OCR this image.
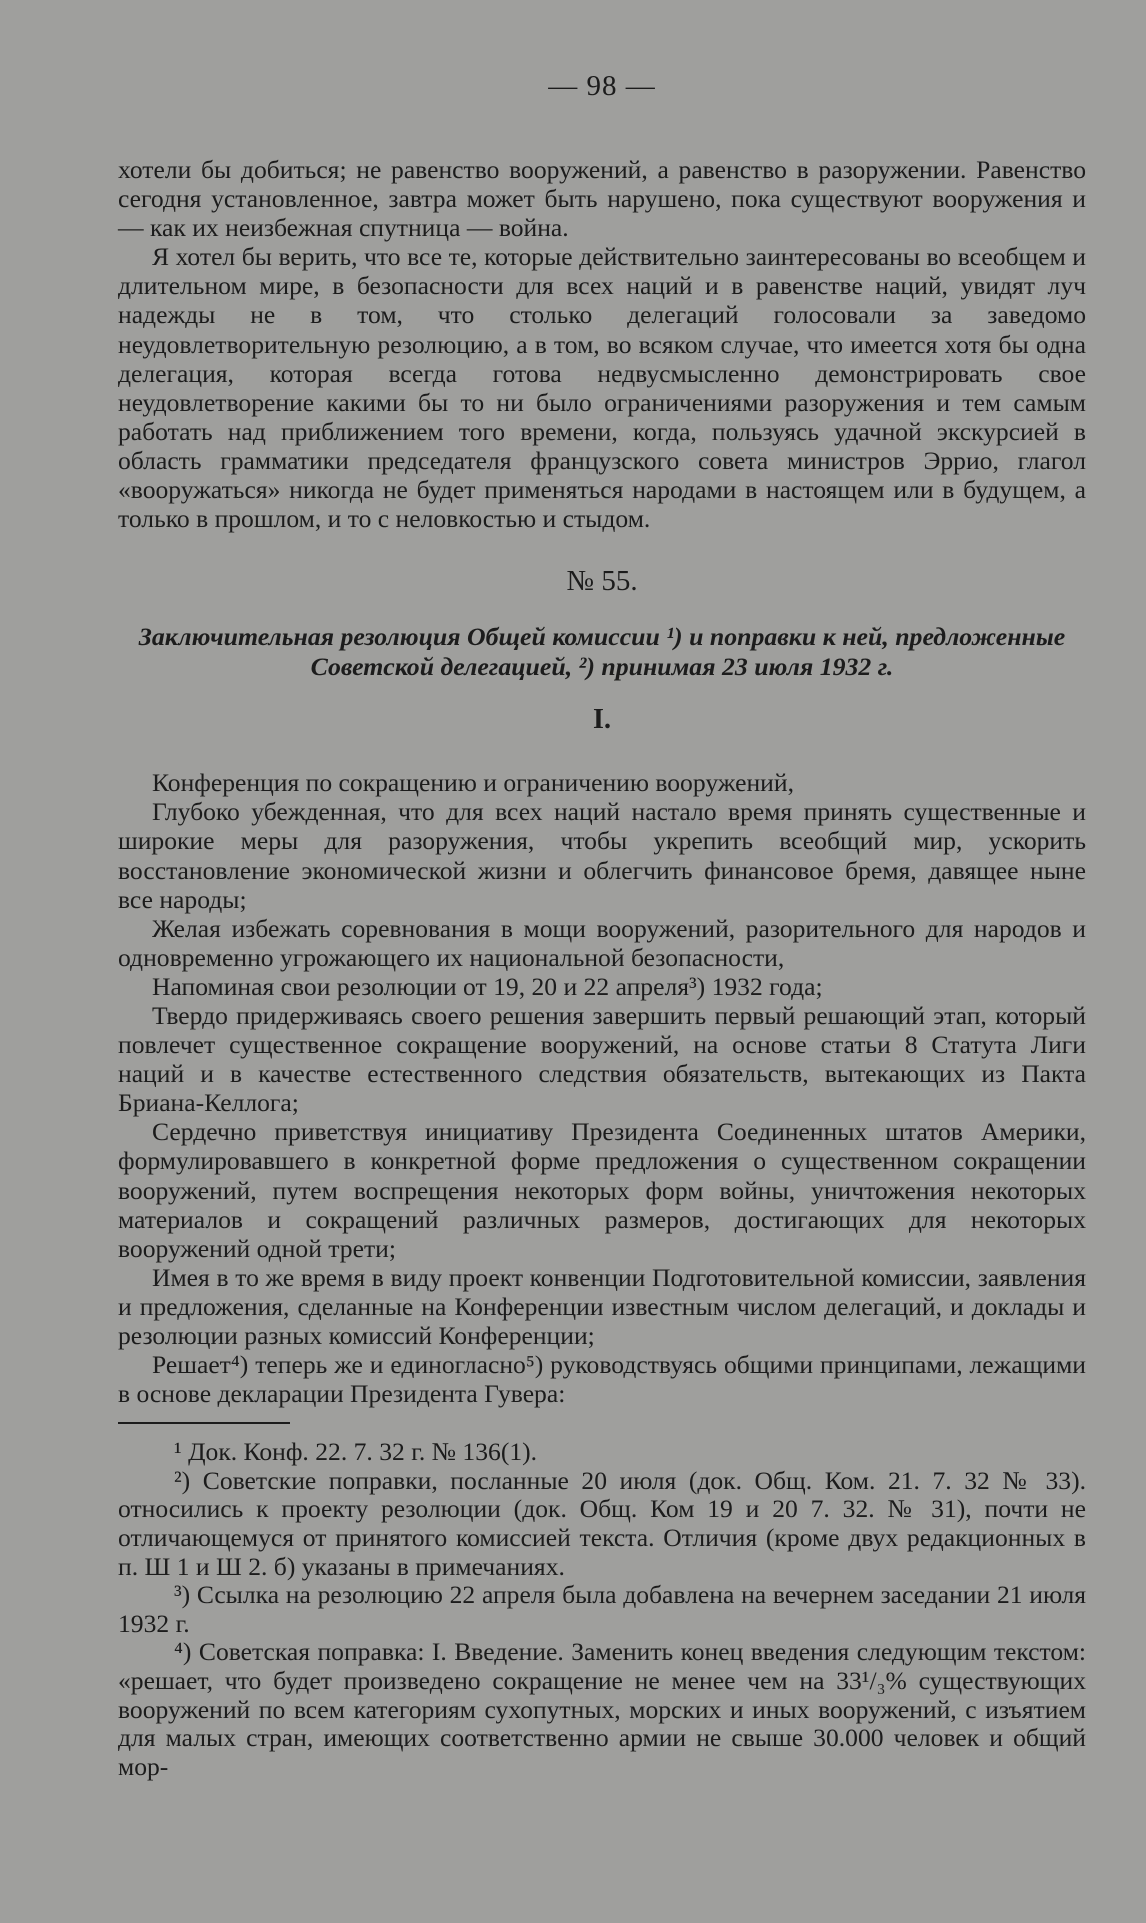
— 98 —

хотели бы добиться; не равенство вооружений, а равенство в разоружении. Равенство сегодня установленное, завтра может быть нарушено, пока существуют вооружения и — как их неизбежная спутница — война.

Я хотел бы верить, что все те, которые действительно заинтересованы во всеобщем и длительном мире, в безопасности для всех наций и в равенстве наций, увидят луч надежды не в том, что столько делегаций голосовали за заведомо неудовлетворительную резолюцию, а в том, во всяком случае, что имеется хотя бы одна делегация, которая всегда готова недвусмысленно демонстрировать свое неудовлетворение какими бы то ни было ограничениями разоружения и тем самым работать над приближением того времени, когда, пользуясь удачной экскурсией в область грамматики председателя французского совета министров Эррио, глагол «вооружаться» никогда не будет применяться народами в настоящем или в будущем, а только в прошлом, и то с неловкостью и стыдом.

№ 55.

Заключительная резолюция Общей комиссии ¹) и поправки к ней, предложенные Советской делегацией, ²) принимая 23 июля 1932 г.

I.

Конференция по сокращению и ограничению вооружений,

Глубоко убежденная, что для всех наций настало время принять существенные и широкие меры для разоружения, чтобы укрепить всеобщий мир, ускорить восстановление экономической жизни и облегчить финансовое бремя, давящее ныне все народы;

Желая избежать соревнования в мощи вооружений, разорительного для народов и одновременно угрожающего их национальной безопасности,

Напоминая свои резолюции от 19, 20 и 22 апреля³) 1932 года;

Твердо придерживаясь своего решения завершить первый решающий этап, который повлечет существенное сокращение вооружений, на основе статьи 8 Статута Лиги наций и в качестве естественного следствия обязательств, вытекающих из Пакта Бриана-Келлога;

Сердечно приветствуя инициативу Президента Соединенных штатов Америки, формулировавшего в конкретной форме предложения о существенном сокращении вооружений, путем воспрещения некоторых форм войны, уничтожения некоторых материалов и сокращений различных размеров, достигающих для некоторых вооружений одной трети;

Имея в то же время в виду проект конвенции Подготовительной комиссии, заявления и предложения, сделанные на Конференции известным числом делегаций, и доклады и резолюции разных комиссий Конференции;

Решает⁴) теперь же и единогласно⁵) руководствуясь общими принципами, лежащими в основе декларации Президента Гувера:

¹ Док. Конф. 22. 7. 32 г. № 136(1).

²) Советские поправки, посланные 20 июля (док. Общ. Ком. 21. 7. 32 № 33). относились к проекту резолюции (док. Общ. Ком 19 и 20 7. 32. № 31), почти не отличающемуся от принятого комиссией текста. Отличия (кроме двух редакционных в п. Ш 1 и Ш 2. б) указаны в примечаниях.

³) Ссылка на резолюцию 22 апреля была добавлена на вечернем заседании 21 июля 1932 г.

⁴) Советская поправка: I. Введение. Заменить конец введения следующим текстом: «решает, что будет произведено сокращение не менее чем на 33¹/₃% существующих вооружений по всем категориям сухопутных, морских и иных вооружений, с изъятием для малых стран, имеющих соответственно армии не свыше 30.000 человек и общий мор-
